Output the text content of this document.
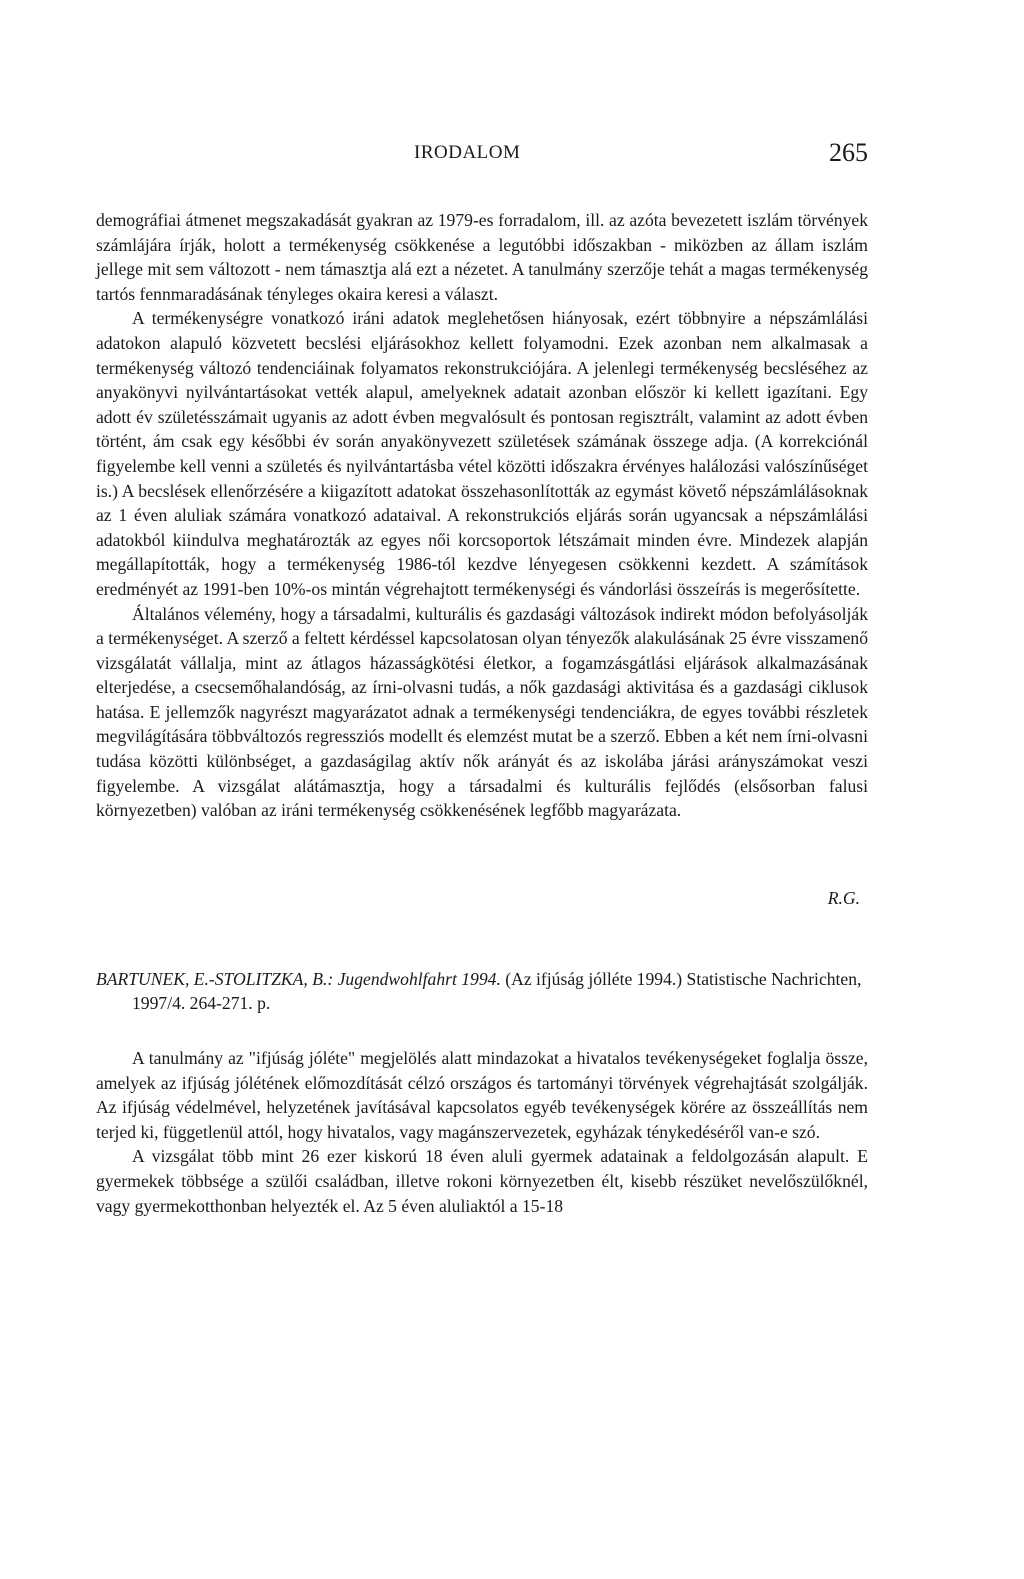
IRODALOM	265

demográfiai átmenet megszakadását gyakran az 1979-es forradalom, ill. az azóta bevezetett iszlám törvények számlájára írják, holott a termékenység csökkenése a legutóbbi időszakban - miközben az állam iszlám jellege mit sem változott - nem támasztja alá ezt a nézetet. A tanulmány szerzője tehát a magas termékenység tartós fennmaradásának tényleges okaira keresi a választ.

A termékenységre vonatkozó iráni adatok meglehetősen hiányosak, ezért többnyire a népszámlálási adatokon alapuló közvetett becslési eljárásokhoz kellett folyamodni. Ezek azonban nem alkalmasak a termékenység változó tendenciáinak folyamatos rekonstrukciójára. A jelenlegi termékenység becsléséhez az anyakönyvi nyilvántartásokat vették alapul, amelyeknek adatait azonban először ki kellett igazítani. Egy adott év születésszámait ugyanis az adott évben megvalósult és pontosan regisztrált, valamint az adott évben történt, ám csak egy későbbi év során anyakönyvezett születések számának összege adja. (A korrekciónál figyelembe kell venni a születés és nyilvántartásba vétel közötti időszakra érvényes halálozási valószínűséget is.) A becslések ellenőrzésére a kiigazított adatokat összehasonlították az egymást követő népszámlálásoknak az 1 éven aluliak számára vonatkozó adataival. A rekonstrukciós eljárás során ugyancsak a népszámlálási adatokból kiindulva meghatározták az egyes női korcsoportok létszámait minden évre. Mindezek alapján megállapították, hogy a termékenység 1986-tól kezdve lényegesen csökkenni kezdett. A számítások eredményét az 1991-ben 10%-os mintán végrehajtott termékenységi és vándorlási összeírás is megerősítette.

Általános vélemény, hogy a társadalmi, kulturális és gazdasági változások indirekt módon befolyásolják a termékenységet. A szerző a feltett kérdéssel kapcsolatosan olyan tényezők alakulásának 25 évre visszamenő vizsgálatát vállalja, mint az átlagos házasságkötési életkor, a fogamzásgátlási eljárások alkalmazásának elterjedése, a csecsemőhalandóság, az írni-olvasni tudás, a nők gazdasági aktivitása és a gazdasági ciklusok hatása. E jellemzők nagyrészt magyarázatot adnak a termékenységi tendenciákra, de egyes további részletek megvilágítására többváltozós regressziós modellt és elemzést mutat be a szerző. Ebben a két nem írni-olvasni tudása közötti különbséget, a gazdaságilag aktív nők arányát és az iskolába járási arányszámokat veszi figyelembe. A vizsgálat alátámasztja, hogy a társadalmi és kulturális fejlődés (elsősorban falusi környezetben) valóban az iráni termékenység csökkenésének legfőbb magyarázata.

R.G.
BARTUNEK, E.-STOLITZKA, B.: Jugendwohlfahrt 1994. (Az ifjúság jólléte 1994.) Statistische Nachrichten, 1997/4. 264-271. p.

A tanulmány az "ifjúság jóléte" megjelölés alatt mindazokat a hivatalos tevékenységeket foglalja össze, amelyek az ifjúság jólétének előmozdítását célzó országos és tartományi törvények végrehajtását szolgálják. Az ifjúság védelmével, helyzetének javításával kapcsolatos egyéb tevékenységek körére az összeállítás nem terjed ki, függetlenül attól, hogy hivatalos, vagy magánszervezetek, egyházak ténykedéséről van-e szó.

A vizsgálat több mint 26 ezer kiskorú 18 éven aluli gyermek adatainak a feldolgozásán alapult. E gyermekek többsége a szülői családban, illetve rokoni környezetben élt, kisebb részüket nevelőszülőknél, vagy gyermekotthonban helyezték el. Az 5 éven aluliaktól a 15-18
